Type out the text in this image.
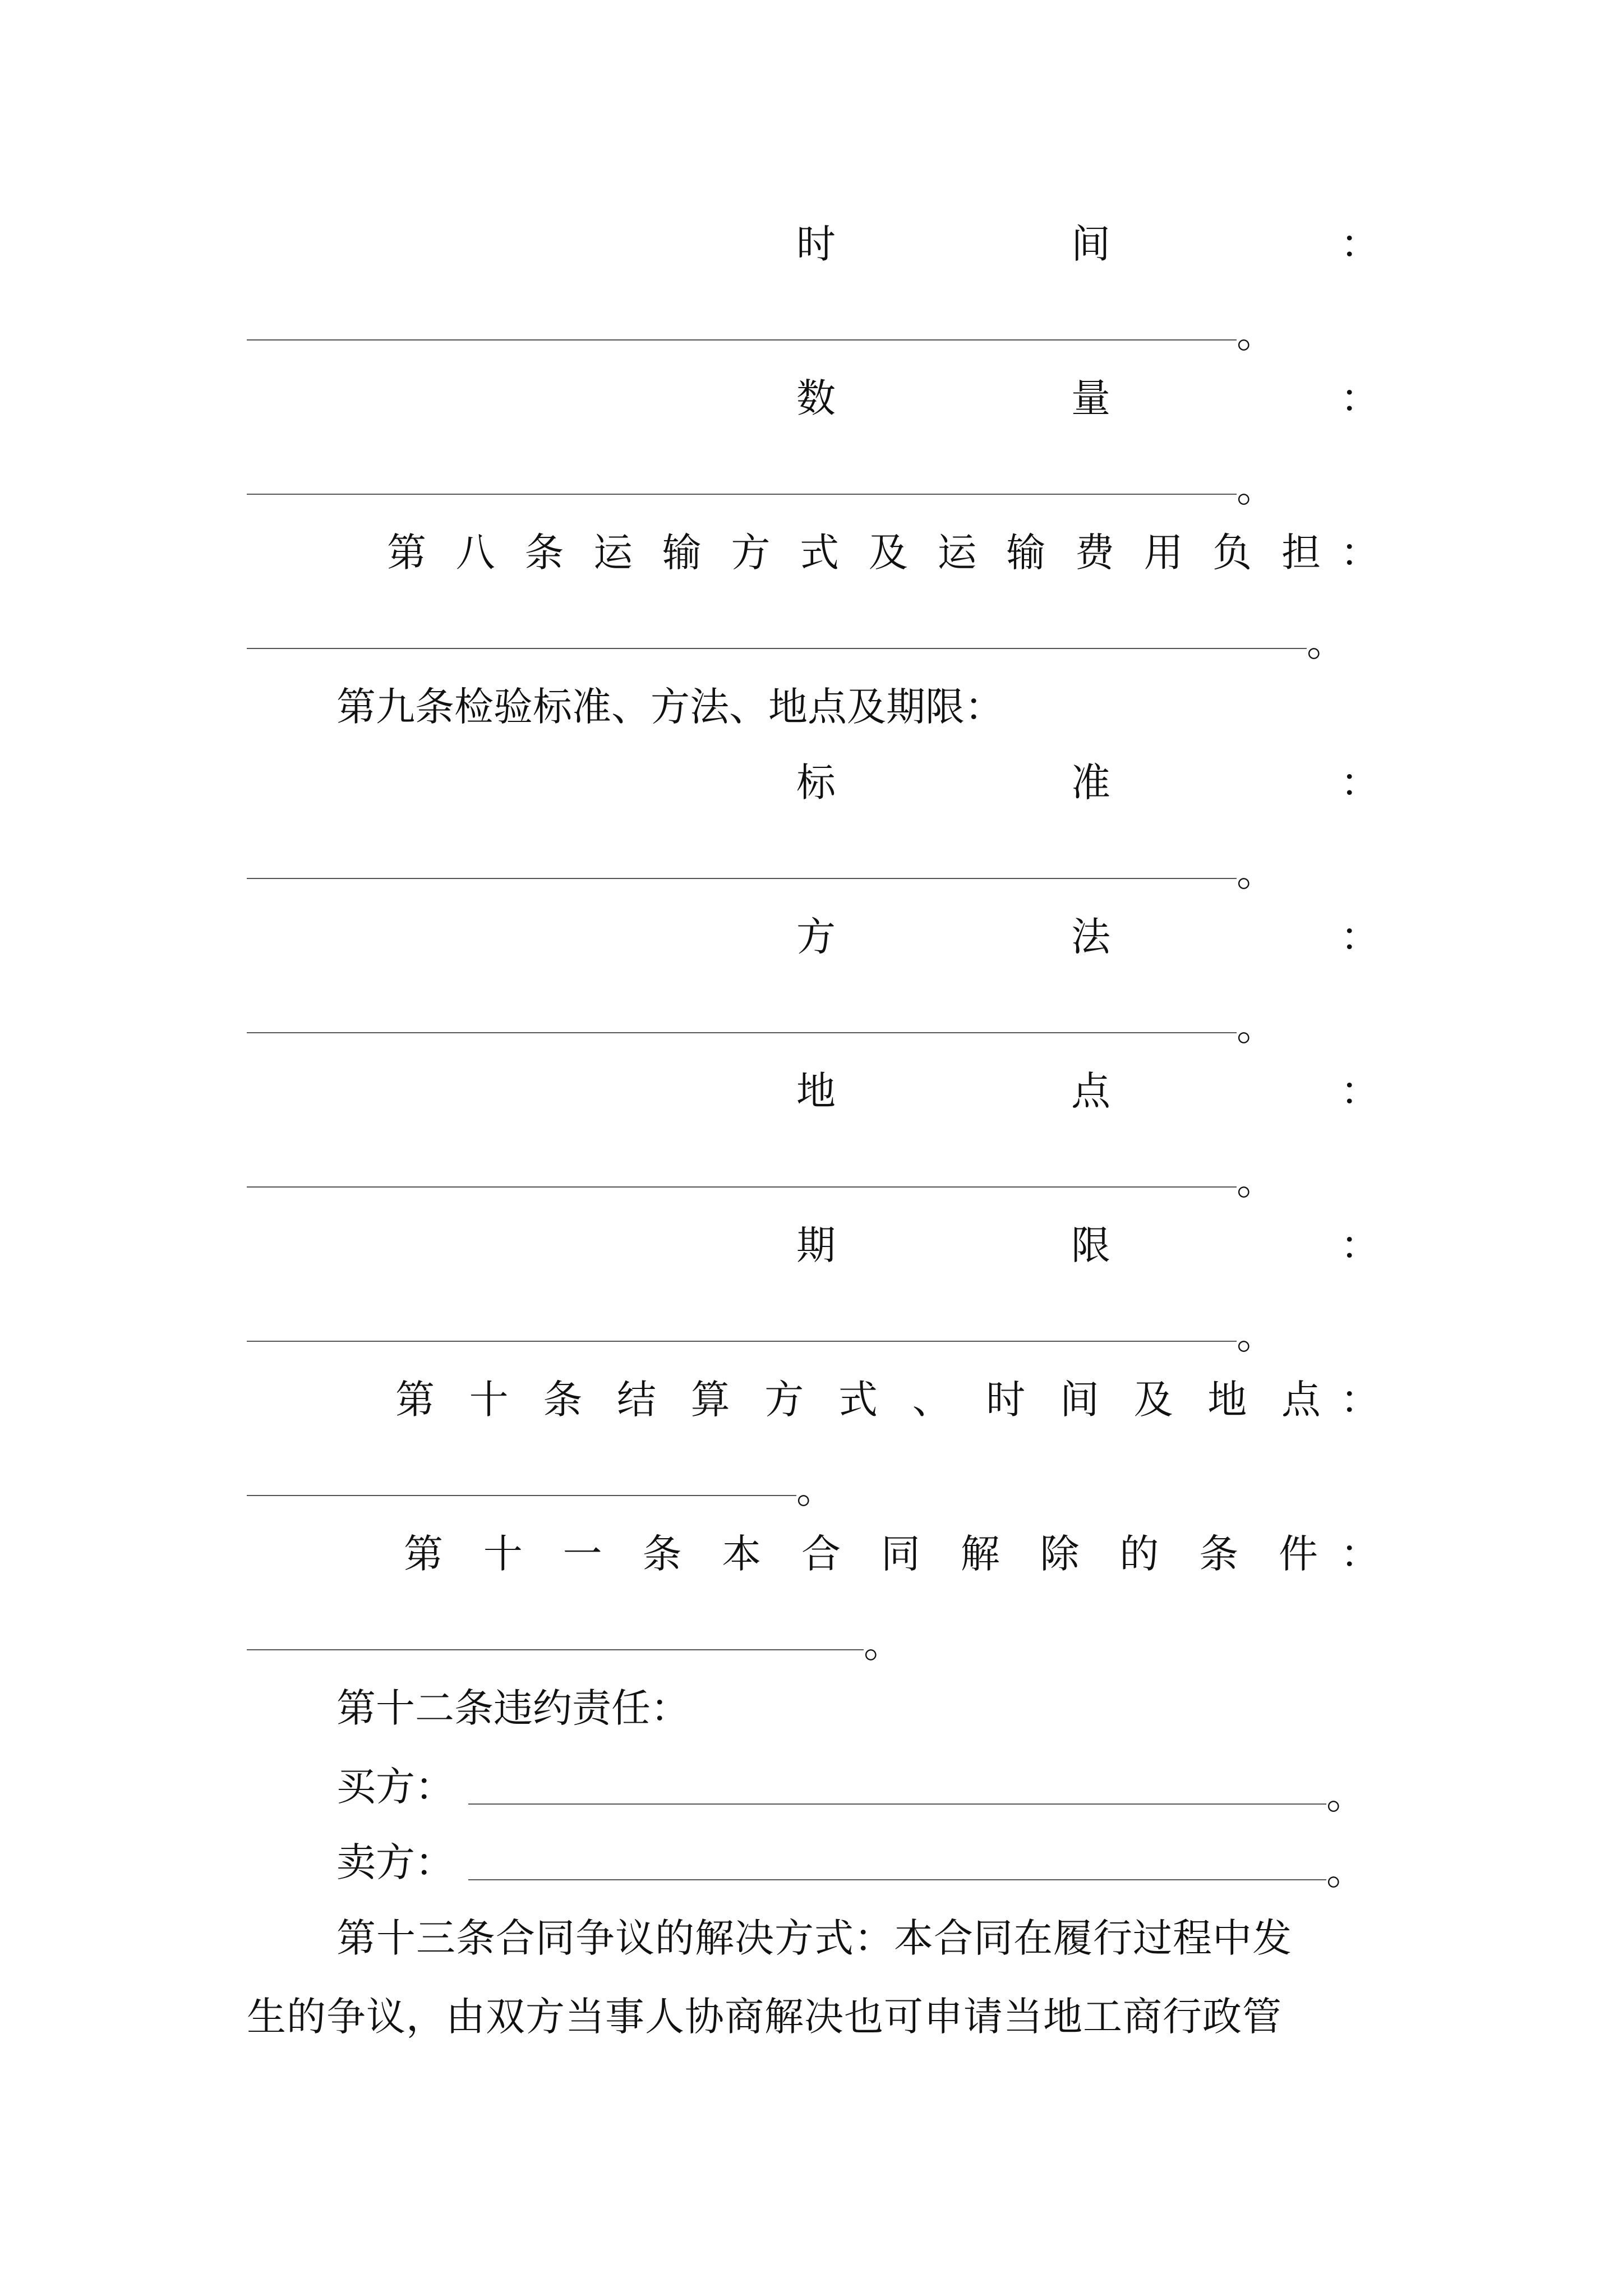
时	间	：
。
数	量	：
。
第 八 条 运 输 方 式 及 运 输 费 用 负 担 ：
。
第九条检验标准、方法、地点及期限：
标	准	：
。
方	法	：
。
地	点	：
。
期	限	：
。
第 十 条 结 算 方 式 、 时 间 及 地 点 ：
。
第 十 一 条 本 合 同 解 除 的 条 件 ：
。
第十二条违约责任：
买方：	。
卖方：	。
第十三条合同争议的解决方式：本合同在履行过程中发
生的争议，由双方当事人协商解决也可申请当地工商行政管
